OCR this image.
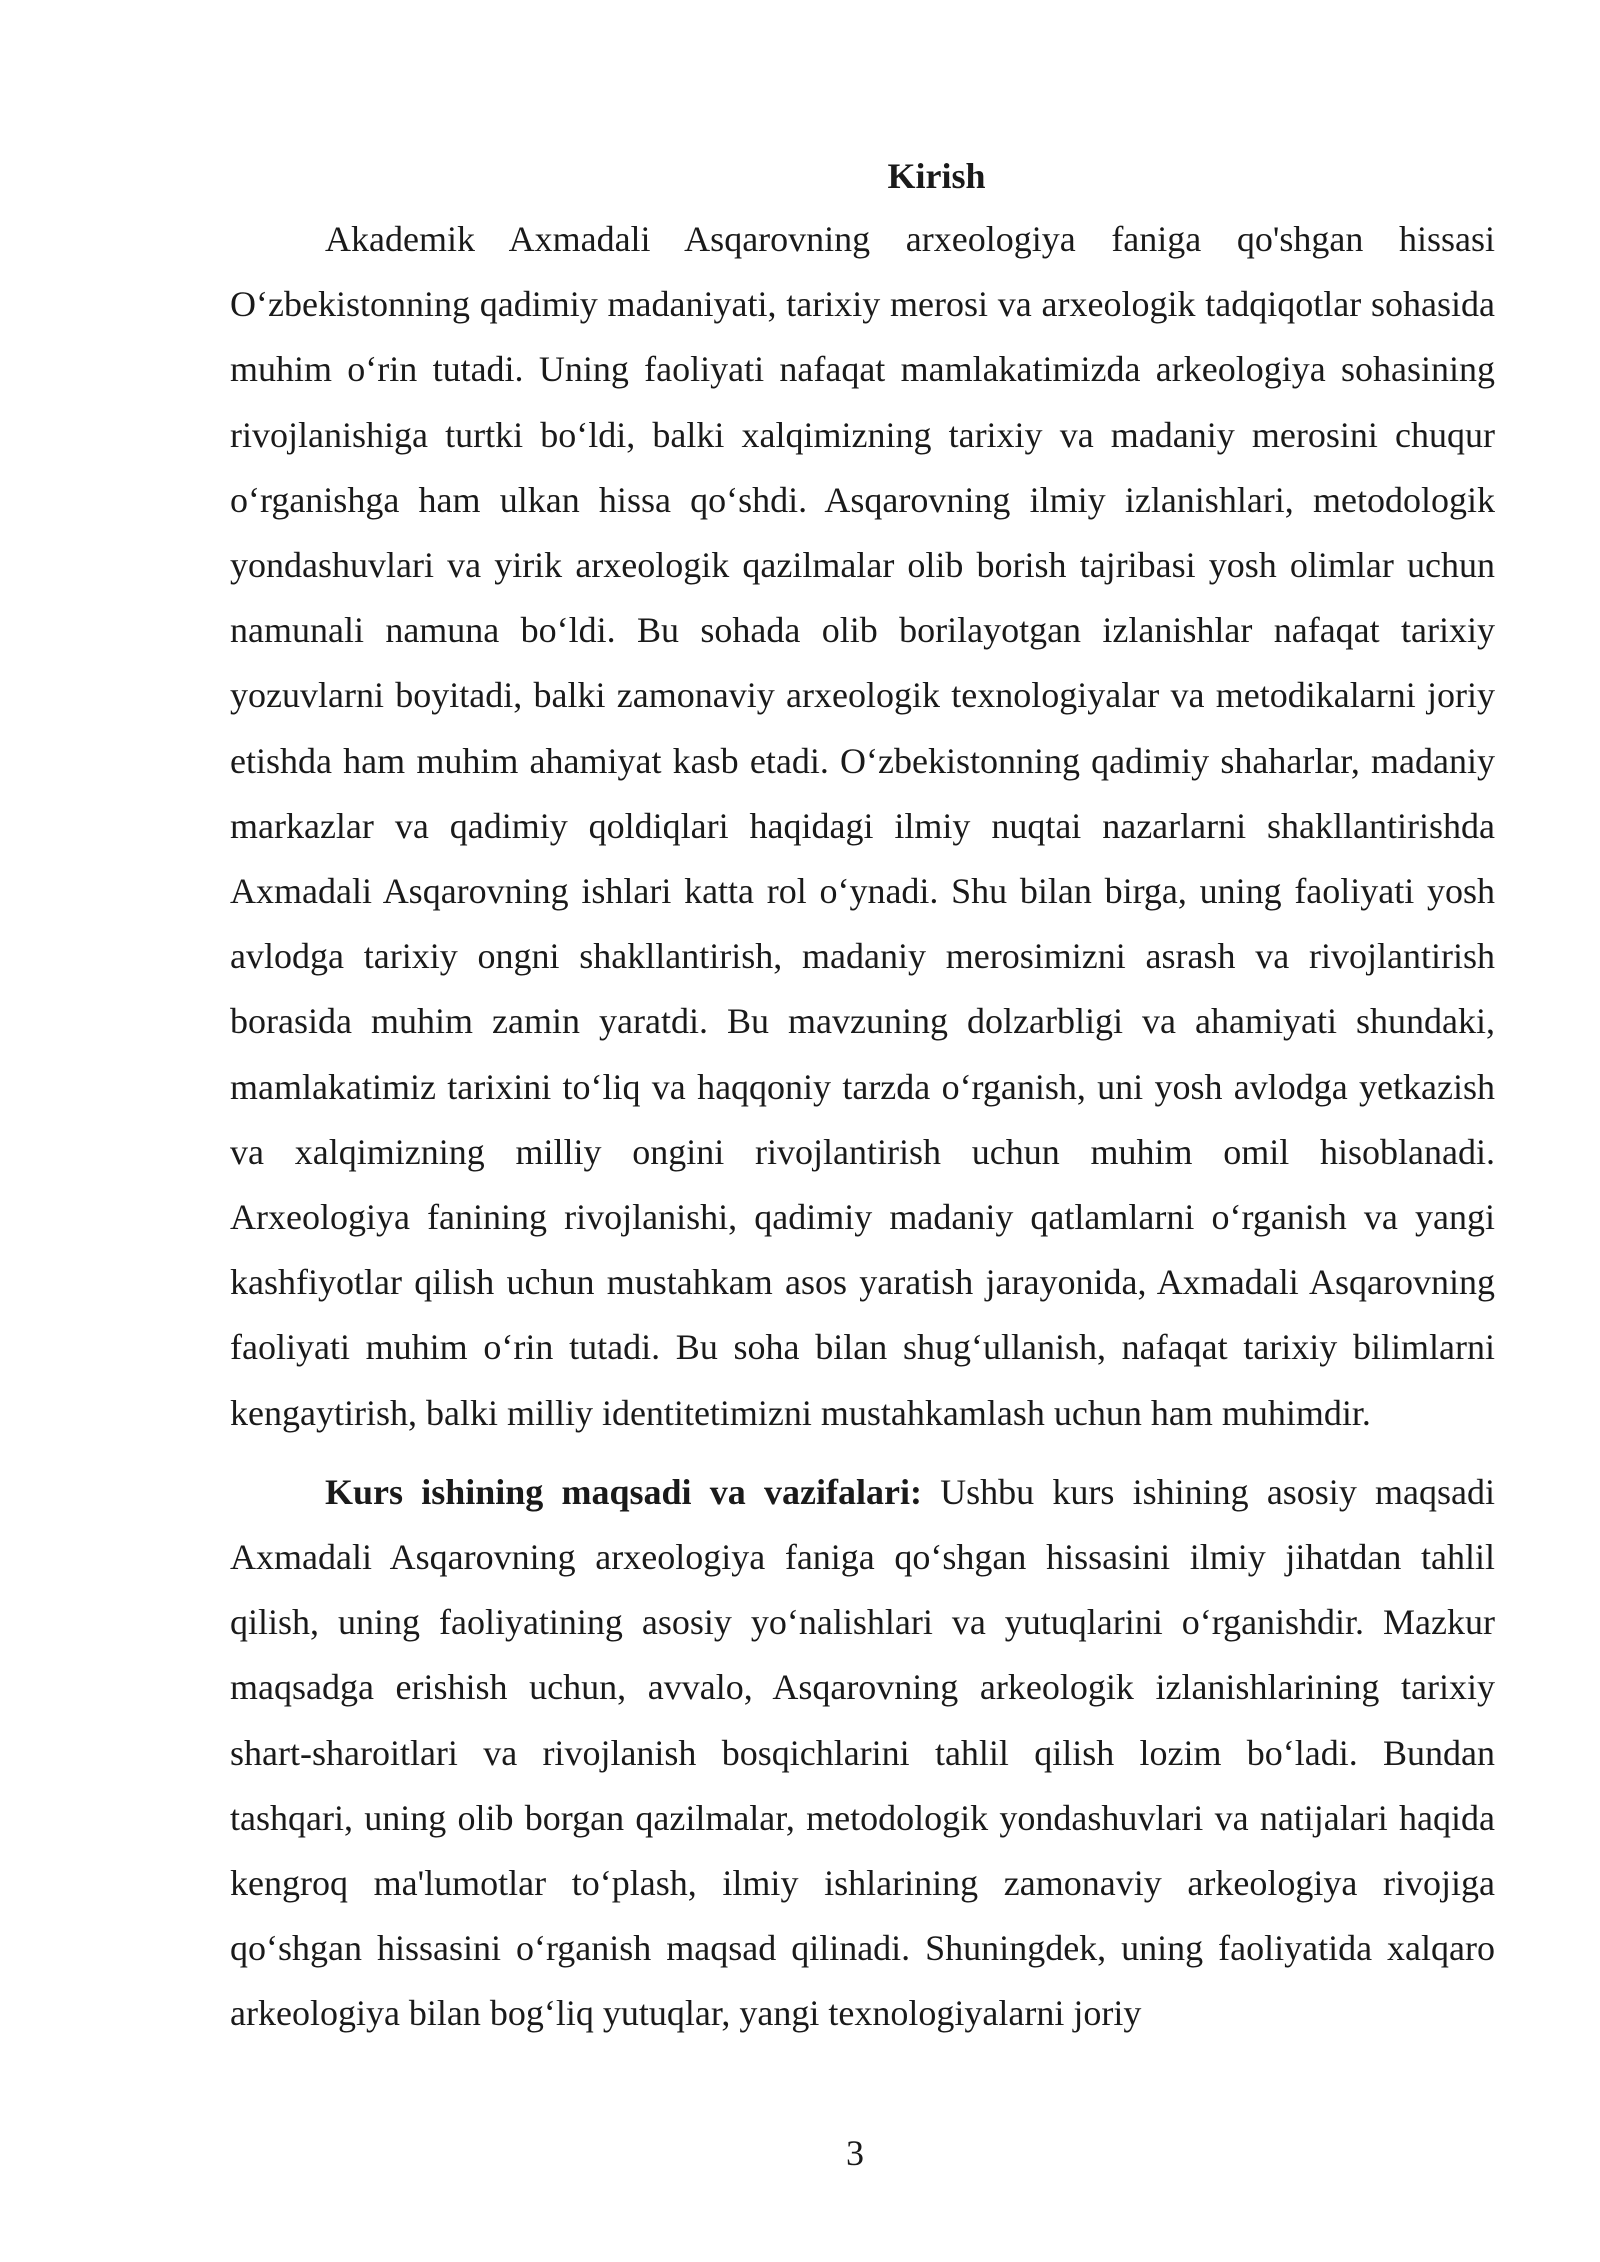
Kirish

Akademik Axmadali Asqarovning arxeologiya faniga qo'shgan hissasi O‘zbekistonning qadimiy madaniyati, tarixiy merosi va arxeologik tadqiqotlar sohasida muhim o‘rin tutadi. Uning faoliyati nafaqat mamlakatimizda arkeologiya sohasining rivojlanishiga turtki bo‘ldi, balki xalqimizning tarixiy va madaniy merosini chuqur o‘rganishga ham ulkan hissa qo‘shdi. Asqarovning ilmiy izlanishlari, metodologik yondashuvlari va yirik arxeologik qazilmalar olib borish tajribasi yosh olimlar uchun namunali namuna bo‘ldi. Bu sohada olib borilayotgan izlanishlar nafaqat tarixiy yozuvlarni boyitadi, balki zamonaviy arxeologik texnologiyalar va metodikalarni joriy etishda ham muhim ahamiyat kasb etadi. O‘zbekistonning qadimiy shaharlar, madaniy markazlar va qadimiy qoldiqlari haqidagi ilmiy nuqtai nazarlarni shakllantirishda Axmadali Asqarovning ishlari katta rol o‘ynadi. Shu bilan birga, uning faoliyati yosh avlodga tarixiy ongni shakllantirish, madaniy merosimizni asrash va rivojlantirish borasida muhim zamin yaratdi. Bu mavzuning dolzarbligi va ahamiyati shundaki, mamlakatimiz tarixini to‘liq va haqqoniy tarzda o‘rganish, uni yosh avlodga yetkazish va xalqimizning milliy ongini rivojlantirish uchun muhim omil hisoblanadi. Arxeologiya fanining rivojlanishi, qadimiy madaniy qatlamlarni o‘rganish va yangi kashfiyotlar qilish uchun mustahkam asos yaratish jarayonida, Axmadali Asqarovning faoliyati muhim o‘rin tutadi. Bu soha bilan shug‘ullanish, nafaqat tarixiy bilimlarni kengaytirish, balki milliy identitetimizni mustahkamlash uchun ham muhimdir.

Kurs ishining maqsadi va vazifalari: Ushbu kurs ishining asosiy maqsadi Axmadali Asqarovning arxeologiya faniga qo‘shgan hissasini ilmiy jihatdan tahlil qilish, uning faoliyatining asosiy yo‘nalishlari va yutuqlarini o‘rganishdir. Mazkur maqsadga erishish uchun, avvalo, Asqarovning arkeologik izlanishlarining tarixiy shart-sharoitlari va rivojlanish bosqichlarini tahlil qilish lozim bo‘ladi. Bundan tashqari, uning olib borgan qazilmalar, metodologik yondashuvlari va natijalari haqida kengroq ma'lumotlar to‘plash, ilmiy ishlarining zamonaviy arkeologiya rivojiga qo‘shgan hissasini o‘rganish maqsad qilinadi. Shuningdek, uning faoliyatida xalqaro arkeologiya bilan bog‘liq yutuqlar, yangi texnologiyalarni joriy

3
